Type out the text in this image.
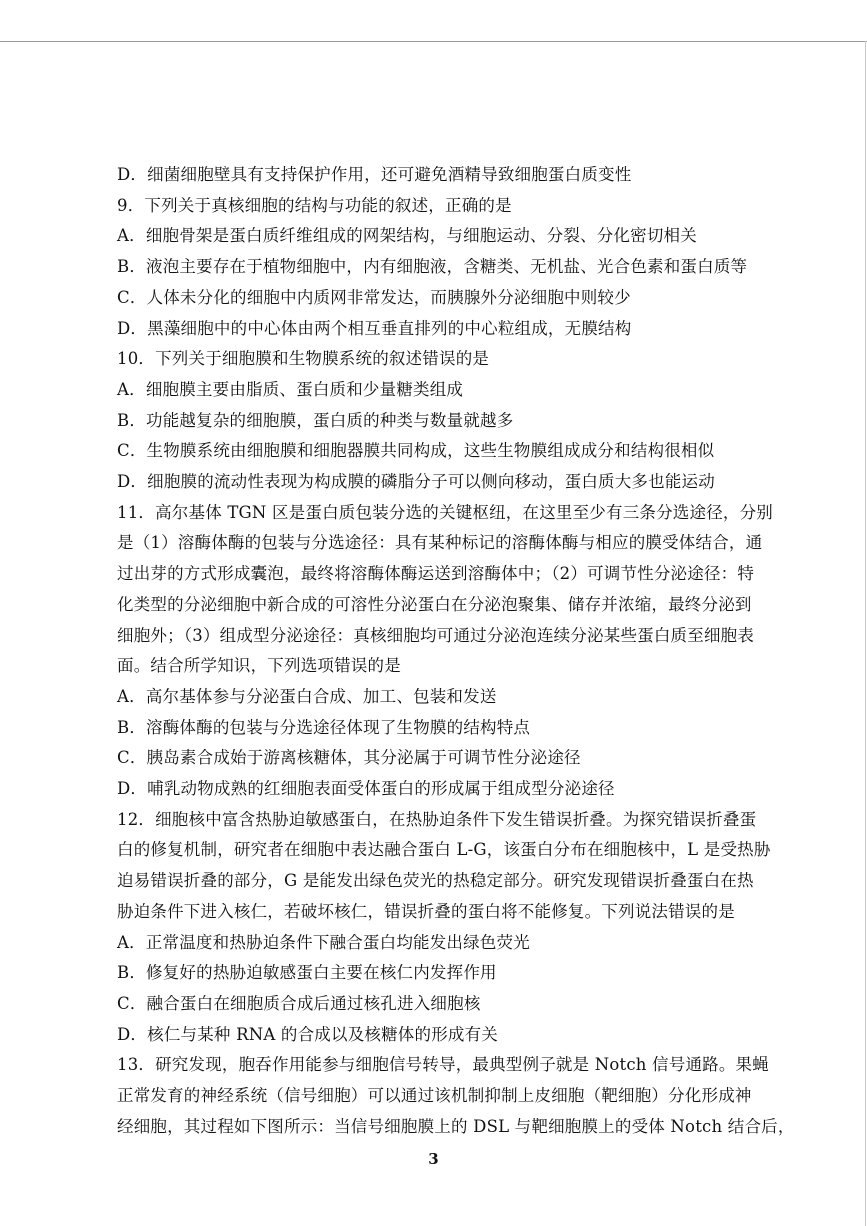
D．细菌细胞壁具有支持保护作用，还可避免酒精导致细胞蛋白质变性
9．下列关于真核细胞的结构与功能的叙述，正确的是
A．细胞骨架是蛋白质纤维组成的网架结构，与细胞运动、分裂、分化密切相关
B．液泡主要存在于植物细胞中，内有细胞液，含糖类、无机盐、光合色素和蛋白质等
C．人体未分化的细胞中内质网非常发达，而胰腺外分泌细胞中则较少
D．黑藻细胞中的中心体由两个相互垂直排列的中心粒组成，无膜结构
10．下列关于细胞膜和生物膜系统的叙述错误的是
A．细胞膜主要由脂质、蛋白质和少量糖类组成
B．功能越复杂的细胞膜，蛋白质的种类与数量就越多
C．生物膜系统由细胞膜和细胞器膜共同构成，这些生物膜组成成分和结构很相似
D．细胞膜的流动性表现为构成膜的磷脂分子可以侧向移动，蛋白质大多也能运动
11．高尔基体 TGN 区是蛋白质包装分选的关键枢纽，在这里至少有三条分选途径，分别
是（1）溶酶体酶的包装与分选途径：具有某种标记的溶酶体酶与相应的膜受体结合，通
过出芽的方式形成囊泡，最终将溶酶体酶运送到溶酶体中；（2）可调节性分泌途径：特
化类型的分泌细胞中新合成的可溶性分泌蛋白在分泌泡聚集、储存并浓缩，最终分泌到
细胞外；（3）组成型分泌途径：真核细胞均可通过分泌泡连续分泌某些蛋白质至细胞表
面。结合所学知识，下列选项错误的是
A．高尔基体参与分泌蛋白合成、加工、包装和发送
B．溶酶体酶的包装与分选途径体现了生物膜的结构特点
C．胰岛素合成始于游离核糖体，其分泌属于可调节性分泌途径
D．哺乳动物成熟的红细胞表面受体蛋白的形成属于组成型分泌途径
12．细胞核中富含热胁迫敏感蛋白，在热胁迫条件下发生错误折叠。为探究错误折叠蛋
白的修复机制，研究者在细胞中表达融合蛋白 L-G，该蛋白分布在细胞核中，L 是受热胁
迫易错误折叠的部分，G 是能发出绿色荧光的热稳定部分。研究发现错误折叠蛋白在热
胁迫条件下进入核仁，若破坏核仁，错误折叠的蛋白将不能修复。下列说法错误的是
A．正常温度和热胁迫条件下融合蛋白均能发出绿色荧光
B．修复好的热胁迫敏感蛋白主要在核仁内发挥作用
C．融合蛋白在细胞质合成后通过核孔进入细胞核
D．核仁与某种 RNA 的合成以及核糖体的形成有关
13．研究发现，胞吞作用能参与细胞信号转导，最典型例子就是 Notch 信号通路。果蝇
正常发育的神经系统（信号细胞）可以通过该机制抑制上皮细胞（靶细胞）分化形成神
经细胞，其过程如下图所示：当信号细胞膜上的 DSL 与靶细胞膜上的受体 Notch 结合后，
3
